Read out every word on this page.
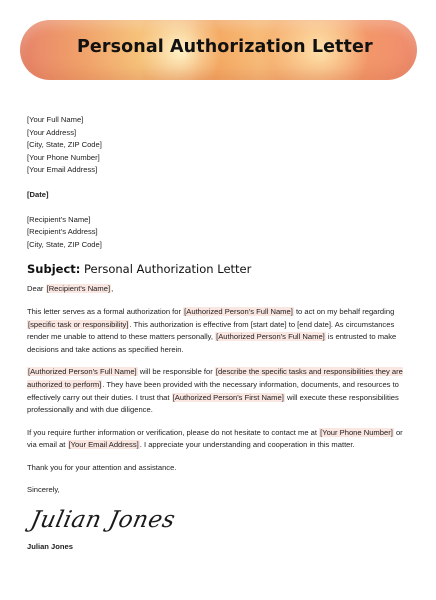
Personal Authorization Letter
[Your Full Name]
[Your Address]
[City, State, ZIP Code]
[Your Phone Number]
[Your Email Address]
[Date]
[Recipient's Name]
[Recipient's Address]
[City, State, ZIP Code]
Subject: Personal Authorization Letter
Dear [Recipient's Name],
This letter serves as a formal authorization for [Authorized Person's Full Name] to act on my behalf regarding [specific task or responsibility]. This authorization is effective from [start date] to [end date]. As circumstances render me unable to attend to these matters personally, [Authorized Person's Full Name] is entrusted to make decisions and take actions as specified herein.
[Authorized Person's Full Name] will be responsible for [describe the specific tasks and responsibilities they are authorized to perform]. They have been provided with the necessary information, documents, and resources to effectively carry out their duties. I trust that [Authorized Person's First Name] will execute these responsibilities professionally and with due diligence.
If you require further information or verification, please do not hesitate to contact me at [Your Phone Number] or via email at [Your Email Address]. I appreciate your understanding and cooperation in this matter.
Thank you for your attention and assistance.
Sincerely,
Julian Jones
Julian Jones
